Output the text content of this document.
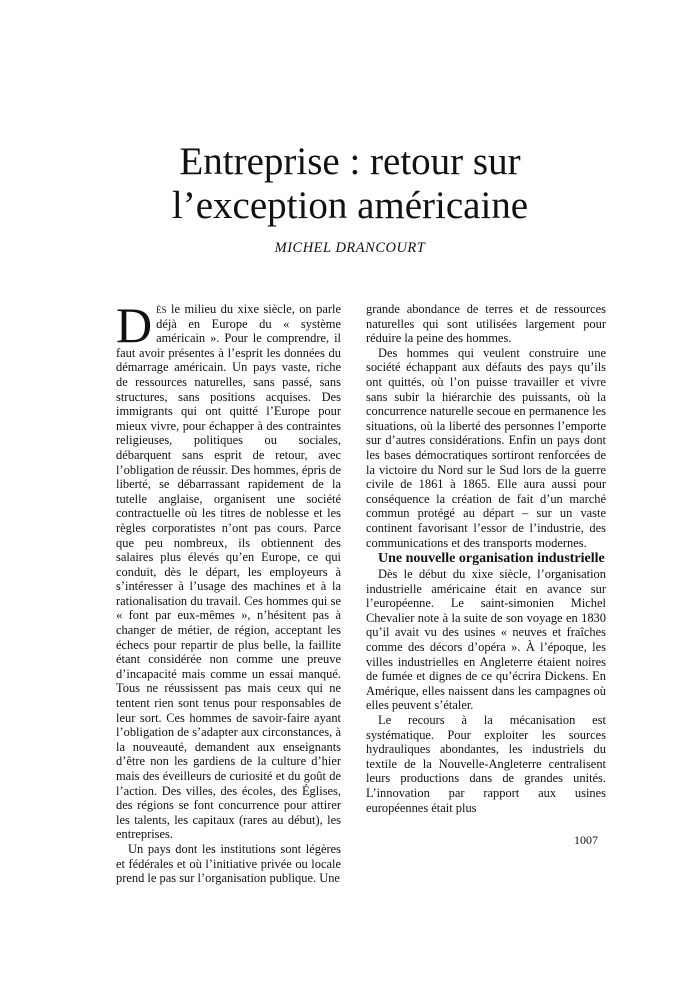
Entreprise : retour sur
l’exception américaine
MICHEL DRANCOURT

Dès le milieu du xixe siècle, on parle déjà en Europe du « système américain ». Pour le comprendre, il faut avoir présentes à l’esprit les données du démarrage américain. Un pays vaste, riche de ressources naturelles, sans passé, sans structures, sans positions acquises. Des immigrants qui ont quitté l’Europe pour mieux vivre, pour échapper à des contraintes religieuses, politiques ou sociales, débarquent sans esprit de retour, avec l’obligation de réussir. Des hommes, épris de liberté, se débarrassant rapidement de la tutelle anglaise, organisent une société contractuelle où les titres de noblesse et les règles corporatistes n’ont pas cours. Parce que peu nombreux, ils obtiennent des salaires plus élevés qu’en Europe, ce qui conduit, dès le départ, les employeurs à s’intéresser à l’usage des machines et à la rationalisation du travail. Ces hommes qui se « font par eux-mêmes », n’hésitent pas à changer de métier, de région, acceptant les échecs pour repartir de plus belle, la faillite étant considérée non comme une preuve d’incapacité mais comme un essai manqué. Tous ne réussissent pas mais ceux qui ne tentent rien sont tenus pour responsables de leur sort. Ces hommes de savoir-faire ayant l’obligation de s’adapter aux circonstances, à la nouveauté, demandent aux enseignants d’être non les gardiens de la culture d’hier mais des éveilleurs de curiosité et du goût de l’action. Des villes, des écoles, des Églises, des régions se font concurrence pour attirer les talents, les capitaux (rares au début), les entreprises.

Un pays dont les institutions sont légères et fédérales et où l’initiative privée ou locale prend le pas sur l’organisation publique. Une

grande abondance de terres et de ressources naturelles qui sont utilisées largement pour réduire la peine des hommes.

Des hommes qui veulent construire une société échappant aux défauts des pays qu’ils ont quittés, où l’on puisse travailler et vivre sans subir la hiérarchie des puissants, où la concurrence naturelle secoue en permanence les situations, où la liberté des personnes l’emporte sur d’autres considérations. Enfin un pays dont les bases démocratiques sortiront renforcées de la victoire du Nord sur le Sud lors de la guerre civile de 1861 à 1865. Elle aura aussi pour conséquence la création de fait d’un marché commun protégé au départ – sur un vaste continent favorisant l’essor de l’industrie, des communications et des transports modernes.

Une nouvelle organisation industrielle

Dès le début du xixe siècle, l’organisation industrielle américaine était en avance sur l’européenne. Le saint-simonien Michel Chevalier note à la suite de son voyage en 1830 qu’il avait vu des usines « neuves et fraîches comme des décors d’opéra ». À l’époque, les villes industrielles en Angleterre étaient noires de fumée et dignes de ce qu’écrira Dickens. En Amérique, elles naissent dans les campagnes où elles peuvent s’étaler.

Le recours à la mécanisation est systématique. Pour exploiter les sources hydrauliques abondantes, les industriels du textile de la Nouvelle-Angleterre centralisent leurs productions dans de grandes unités. L’innovation par rapport aux usines européennes était plus

1007
